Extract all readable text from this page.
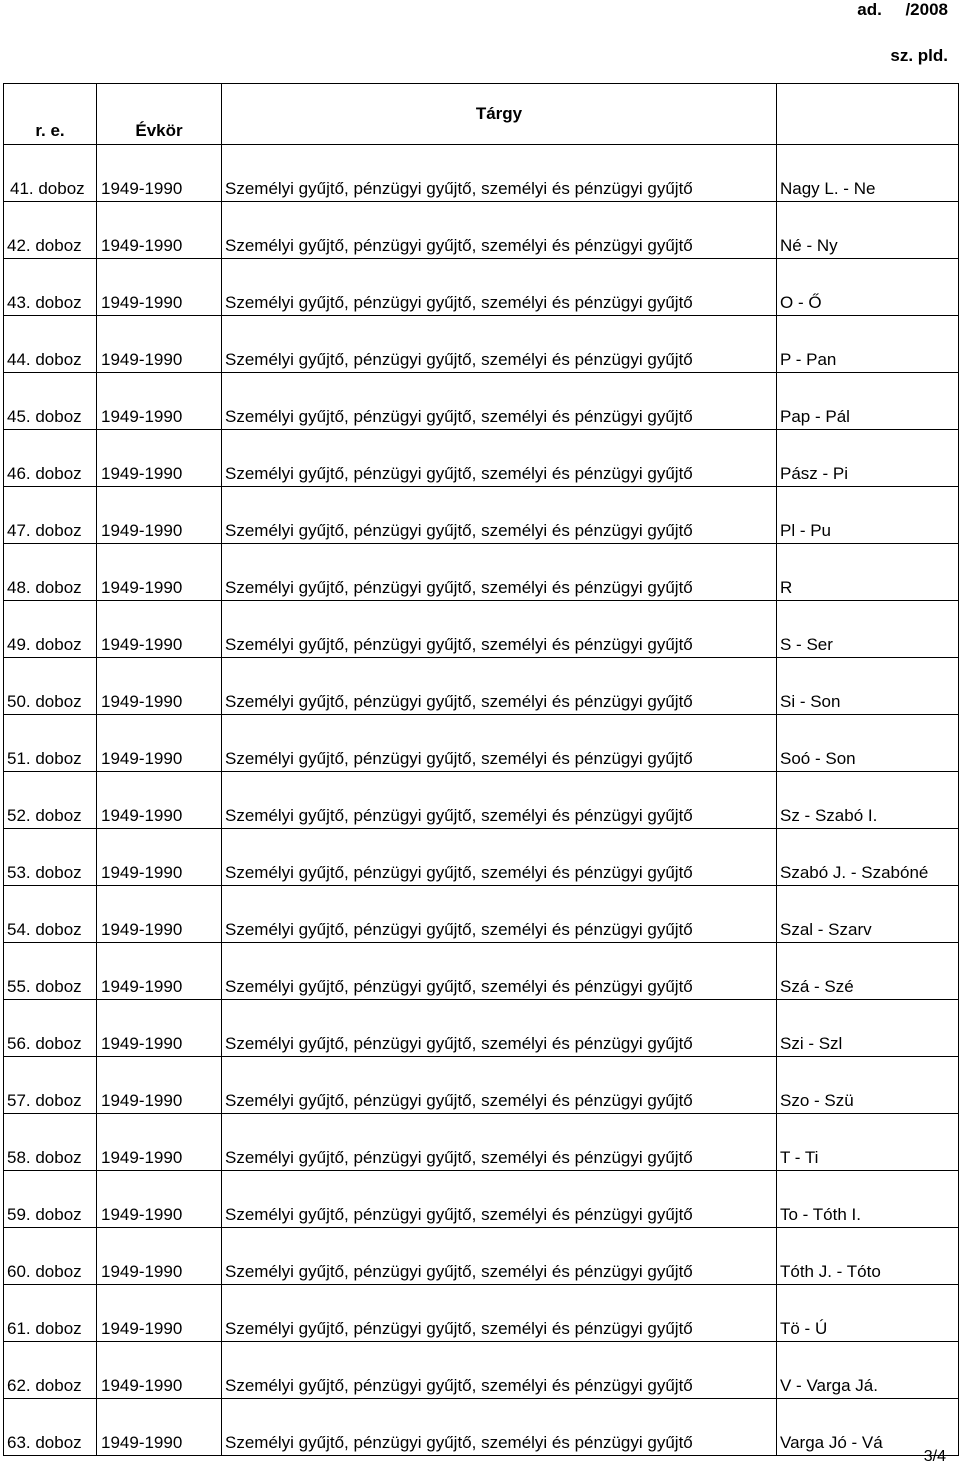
ad.     /2008
sz. pld.
r. e.	Évkör	Tárgy	
41. doboz	1949-1990	Személyi gyűjtő, pénzügyi gyűjtő, személyi és pénzügyi gyűjtő	Nagy L. - Ne
42. doboz	1949-1990	Személyi gyűjtő, pénzügyi gyűjtő, személyi és pénzügyi gyűjtő	Né - Ny
43. doboz	1949-1990	Személyi gyűjtő, pénzügyi gyűjtő, személyi és pénzügyi gyűjtő	O - Ő
44. doboz	1949-1990	Személyi gyűjtő, pénzügyi gyűjtő, személyi és pénzügyi gyűjtő	P - Pan
45. doboz	1949-1990	Személyi gyűjtő, pénzügyi gyűjtő, személyi és pénzügyi gyűjtő	Pap - Pál
46. doboz	1949-1990	Személyi gyűjtő, pénzügyi gyűjtő, személyi és pénzügyi gyűjtő	Pász - Pi
47. doboz	1949-1990	Személyi gyűjtő, pénzügyi gyűjtő, személyi és pénzügyi gyűjtő	Pl - Pu
48. doboz	1949-1990	Személyi gyűjtő, pénzügyi gyűjtő, személyi és pénzügyi gyűjtő	R
49. doboz	1949-1990	Személyi gyűjtő, pénzügyi gyűjtő, személyi és pénzügyi gyűjtő	S - Ser
50. doboz	1949-1990	Személyi gyűjtő, pénzügyi gyűjtő, személyi és pénzügyi gyűjtő	Si - Son
51. doboz	1949-1990	Személyi gyűjtő, pénzügyi gyűjtő, személyi és pénzügyi gyűjtő	Soó - Son
52. doboz	1949-1990	Személyi gyűjtő, pénzügyi gyűjtő, személyi és pénzügyi gyűjtő	Sz - Szabó I.
53. doboz	1949-1990	Személyi gyűjtő, pénzügyi gyűjtő, személyi és pénzügyi gyűjtő	Szabó J. - Szabóné
54. doboz	1949-1990	Személyi gyűjtő, pénzügyi gyűjtő, személyi és pénzügyi gyűjtő	Szal - Szarv
55. doboz	1949-1990	Személyi gyűjtő, pénzügyi gyűjtő, személyi és pénzügyi gyűjtő	Szá - Szé
56. doboz	1949-1990	Személyi gyűjtő, pénzügyi gyűjtő, személyi és pénzügyi gyűjtő	Szi - Szl
57. doboz	1949-1990	Személyi gyűjtő, pénzügyi gyűjtő, személyi és pénzügyi gyűjtő	Szo - Szü
58. doboz	1949-1990	Személyi gyűjtő, pénzügyi gyűjtő, személyi és pénzügyi gyűjtő	T - Ti
59. doboz	1949-1990	Személyi gyűjtő, pénzügyi gyűjtő, személyi és pénzügyi gyűjtő	To - Tóth I.
60. doboz	1949-1990	Személyi gyűjtő, pénzügyi gyűjtő, személyi és pénzügyi gyűjtő	Tóth J. - Tóto
61. doboz	1949-1990	Személyi gyűjtő, pénzügyi gyűjtő, személyi és pénzügyi gyűjtő	Tö - Ú
62. doboz	1949-1990	Személyi gyűjtő, pénzügyi gyűjtő, személyi és pénzügyi gyűjtő	V - Varga Já.
63. doboz	1949-1990	Személyi gyűjtő, pénzügyi gyűjtő, személyi és pénzügyi gyűjtő	Varga Jó - Vá
3/4
